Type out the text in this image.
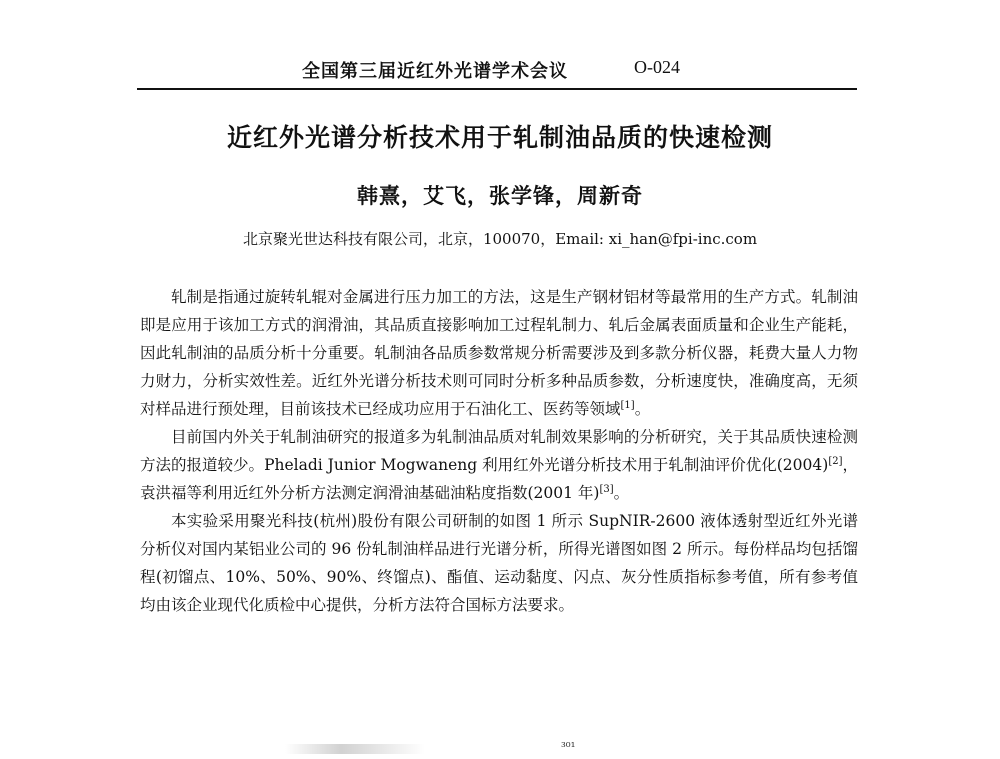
全国第三届近红外光谱学术会议	O-024
近红外光谱分析技术用于轧制油品质的快速检测
韩熹，艾飞，张学锋，周新奇
北京聚光世达科技有限公司，北京，100070，Email: xi_han@fpi-inc.com

轧制是指通过旋转轧辊对金属进行压力加工的方法，这是生产钢材铝材等最常用的生产方式。轧制油即是应用于该加工方式的润滑油，其品质直接影响加工过程轧制力、轧后金属表面质量和企业生产能耗，因此轧制油的品质分析十分重要。轧制油各品质参数常规分析需要涉及到多款分析仪器，耗费大量人力物力财力，分析实效性差。近红外光谱分析技术则可同时分析多种品质参数，分析速度快，准确度高，无须对样品进行预处理，目前该技术已经成功应用于石油化工、医药等领域[1]。

目前国内外关于轧制油研究的报道多为轧制油品质对轧制效果影响的分析研究，关于其品质快速检测方法的报道较少。Pheladi Junior Mogwaneng 利用红外光谱分析技术用于轧制油评价优化(2004)[2]，袁洪福等利用近红外分析方法测定润滑油基础油粘度指数(2001 年)[3]。

本实验采用聚光科技(杭州)股份有限公司研制的如图 1 所示 SupNIR-2600 液体透射型近红外光谱分析仪对国内某铝业公司的 96 份轧制油样品进行光谱分析，所得光谱图如图 2 所示。每份样品均包括馏程(初馏点、10%、50%、90%、终馏点)、酯值、运动黏度、闪点、灰分性质指标参考值，所有参考值均由该企业现代化质检中心提供，分析方法符合国标方法要求。

³⁰¹
